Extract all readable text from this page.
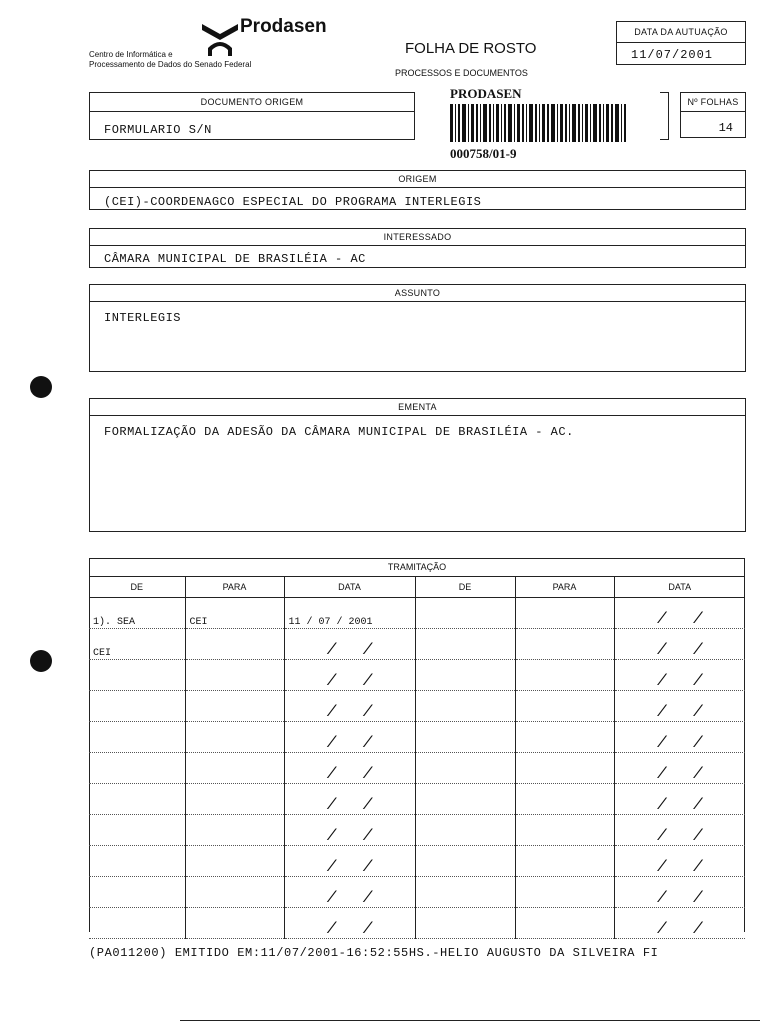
Prodasen
Centro de Informática e
Processamento de Dados do Senado Federal
FOLHA DE ROSTO
PROCESSOS E DOCUMENTOS
DATA DA AUTUAÇÃO
11/07/2001
DOCUMENTO ORIGEM
FORMULARIO S/N
PRODASEN
000758/01-9
Nº FOLHAS
14
ORIGEM
(CEI)-COORDENAGCO ESPECIAL DO PROGRAMA INTERLEGIS
INTERESSADO
CÂMARA MUNICIPAL DE BRASILÉIA - AC
ASSUNTO
INTERLEGIS
EMENTA
FORMALIZAÇÃO DA ADESÃO DA CÂMARA MUNICIPAL DE BRASILÉIA - AC.
TRAMITAÇÃO					
DE	PARA	DATA	DE	PARA	DATA
1). SEA	CEI	11 / 07 / 2001			/ /
CEI		/ /			/ /
		/ /			/ /
		/ /			/ /
		/ /			/ /
		/ /			/ /
		/ /			/ /
		/ /			/ /
		/ /			/ /
		/ /			/ /
		/ /			/ /
(PA011200) EMITIDO EM:11/07/2001-16:52:55HS.-HELIO AUGUSTO DA SILVEIRA FI
